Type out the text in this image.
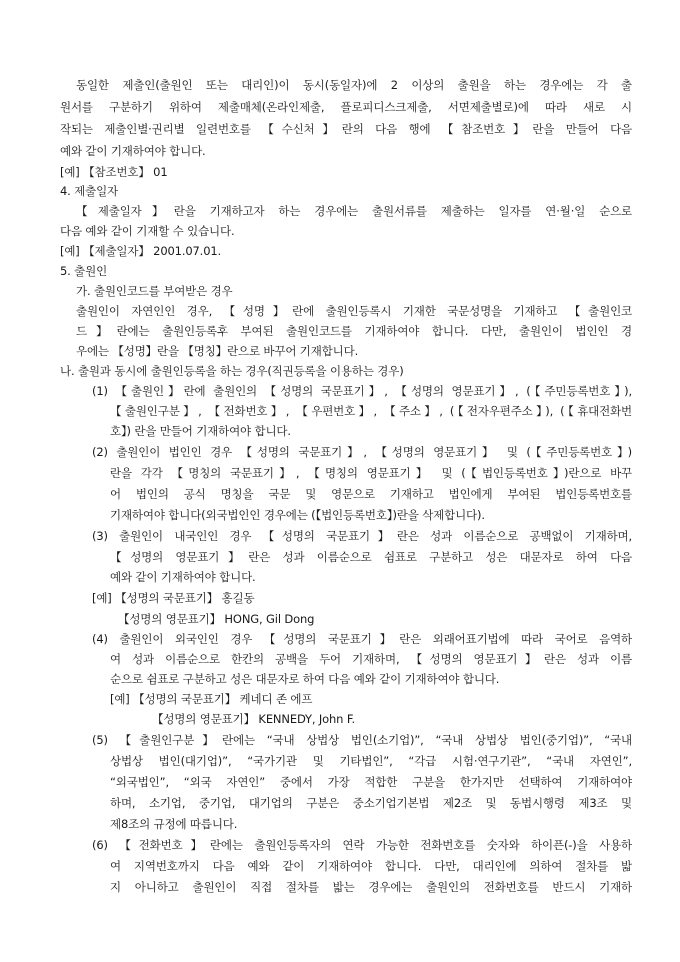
동일한 제출인(출원인 또는 대리인)이 동시(동일자)에 2 이상의 출원을 하는 경우에는 각 출
원서를 구분하기 위하여 제출매체(온라인제출, 플로피디스크제출, 서면제출별로)에 따라 새로 시
작되는 제출인별·권리별 일련번호를 【수신처】란의 다음 행에 【참조번호】란을 만들어 다음
예와 같이 기재하여야 합니다.
[예] 【참조번호】 01
4. 제출일자
【제출일자】란을 기재하고자 하는 경우에는 출원서류를 제출하는 일자를 연·월·일 순으로
다음 예와 같이 기재할 수 있습니다.
[예] 【제출일자】 2001.07.01.
5. 출원인
가. 출원인코드를 부여받은 경우
출원인이 자연인인 경우, 【성명】란에 출원인등록시 기재한 국문성명을 기재하고 【출원인코
드】란에는 출원인등록후 부여된 출원인코드를 기재하여야 합니다. 다만, 출원인이 법인인 경
우에는 【성명】란을 【명칭】란으로 바꾸어 기재합니다.
나. 출원과 동시에 출원인등록을 하는 경우(직권등록을 이용하는 경우)
(1) 【출원인】란에 출원인의 【성명의 국문표기】, 【성명의 영문표기】, (【주민등록번호】),
【출원인구분】, 【전화번호】, 【우편번호】, 【주소】, (【전자우편주소】), (【휴대전화번
호】) 란을 만들어 기재하여야 합니다.
(2) 출원인이 법인인 경우 【성명의 국문표기】, 【성명의 영문표기】 및 (【주민등록번호】)
란을 각각 【명칭의 국문표기】, 【명칭의 영문표기】 및 (【법인등록번호】)란으로 바꾸
어 법인의 공식 명칭을 국문 및 영문으로 기재하고 법인에게 부여된 법인등록번호를
기재하여야 합니다(외국법인인 경우에는 (【법인등록번호】)란을 삭제합니다).
(3) 출원인이 내국인인 경우 【성명의 국문표기】란은 성과 이름순으로 공백없이 기재하며,
【성명의 영문표기】란은 성과 이름순으로 쉼표로 구분하고 성은 대문자로 하여 다음
예와 같이 기재하여야 합니다.
[예] 【성명의 국문표기】 홍길동
【성명의 영문표기】 HONG, Gil Dong
(4) 출원인이 외국인인 경우 【성명의 국문표기】란은 외래어표기법에 따라 국어로 음역하
여 성과 이름순으로 한칸의 공백을 두어 기재하며, 【성명의 영문표기】란은 성과 이름
순으로 쉼표로 구분하고 성은 대문자로 하여 다음 예와 같이 기재하여야 합니다.
[예] 【성명의 국문표기】 케네디 존 에프
【성명의 영문표기】 KENNEDY, John F.
(5) 【출원인구분】란에는 “국내 상법상 법인(소기업)”, “국내 상법상 법인(중기업)”, “국내
상법상 법인(대기업)”, “국가기관 및 기타법인”, “각급 시험·연구기관”, “국내 자연인”,
“외국법인”, “외국 자연인” 중에서 가장 적합한 구분을 한가지만 선택하여 기재하여야
하며, 소기업, 중기업, 대기업의 구분은 중소기업기본법 제2조 및 동법시행령 제3조 및
제8조의 규정에 따릅니다.
(6) 【전화번호】란에는 출원인등록자의 연락 가능한 전화번호를 숫자와 하이픈(-)을 사용하
여 지역번호까지 다음 예와 같이 기재하여야 합니다. 다만, 대리인에 의하여 절차를 밟
지 아니하고 출원인이 직접 절차를 밟는 경우에는 출원인의 전화번호를 반드시 기재하
